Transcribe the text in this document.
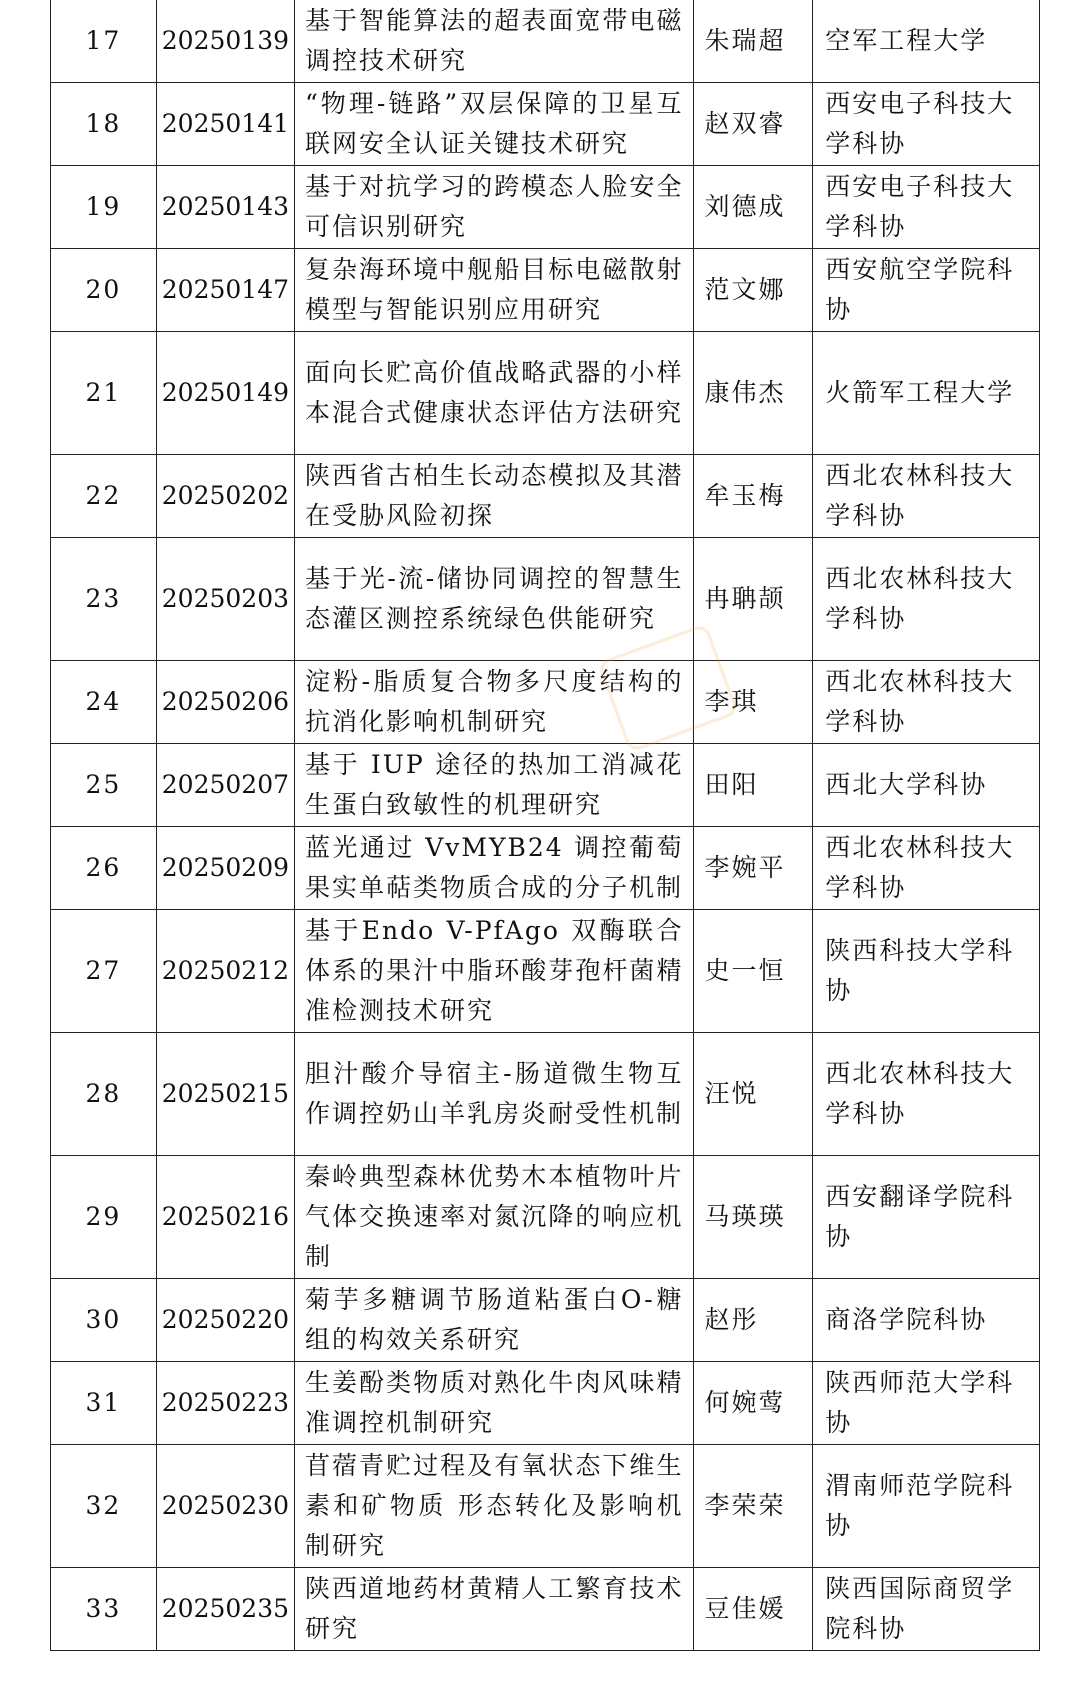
17	20250139	基于智能算法的超表面宽带电磁调控技术研究	朱瑞超	空军工程大学
18	20250141	“物理-链路”双层保障的卫星互联网安全认证关键技术研究	赵双睿	西安电子科技大学科协
19	20250143	基于对抗学习的跨模态人脸安全可信识别研究	刘德成	西安电子科技大学科协
20	20250147	复杂海环境中舰船目标电磁散射模型与智能识别应用研究	范文娜	西安航空学院科协
21	20250149	面向长贮高价值战略武器的小样本混合式健康状态评估方法研究	康伟杰	火箭军工程大学
22	20250202	陕西省古柏生长动态模拟及其潜在受胁风险初探	牟玉梅	西北农林科技大学科协
23	20250203	基于光-流-储协同调控的智慧生态灌区测控系统绿色供能研究	冉聃颉	西北农林科技大学科协
24	20250206	淀粉-脂质复合物多尺度结构的抗消化影响机制研究	李琪	西北农林科技大学科协
25	20250207	基于 IUP 途径的热加工消减花生蛋白致敏性的机理研究	田阳	西北大学科协
26	20250209	蓝光通过 VvMYB24 调控葡萄果实单萜类物质合成的分子机制	李婉平	西北农林科技大学科协
27	20250212	基于Endo V-PfAgo 双酶联合体系的果汁中脂环酸芽孢杆菌精准检测技术研究	史一恒	陕西科技大学科协
28	20250215	胆汁酸介导宿主-肠道微生物互作调控奶山羊乳房炎耐受性机制	汪悦	西北农林科技大学科协
29	20250216	秦岭典型森林优势木本植物叶片气体交换速率对氮沉降的响应机制	马瑛瑛	西安翻译学院科协
30	20250220	菊芋多糖调节肠道粘蛋白O-糖组的构效关系研究	赵彤	商洛学院科协
31	20250223	生姜酚类物质对熟化牛肉风味精准调控机制研究	何婉莺	陕西师范大学科协
32	20250230	苜蓿青贮过程及有氧状态下维生素和矿物质 形态转化及影响机制研究	李荣荣	渭南师范学院科协
33	20250235	陕西道地药材黄精人工繁育技术研究	豆佳媛	陕西国际商贸学院科协
